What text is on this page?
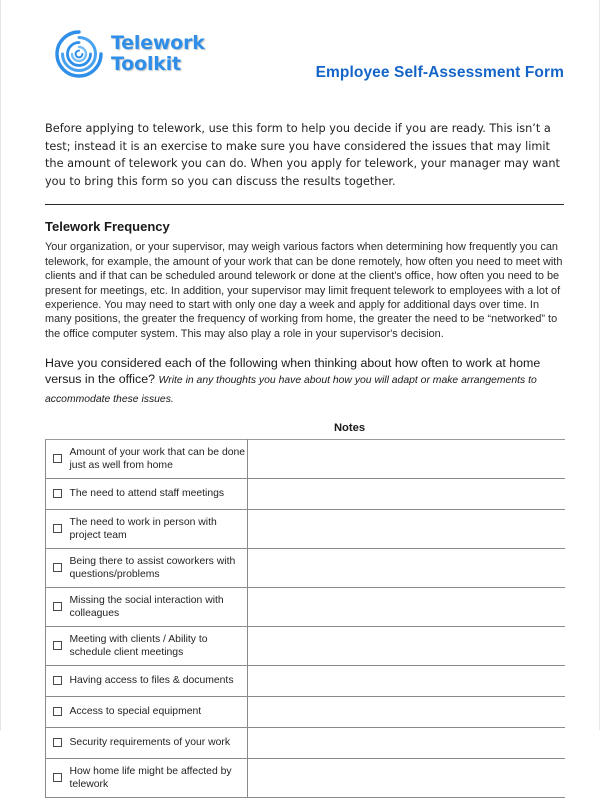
Telework
Toolkit	Employee Self-Assessment Form

Before applying to telework, use this form to help you decide if you are ready. This isn’t a test; instead it is an exercise to make sure you have considered the issues that may limit the amount of telework you can do. When you apply for telework, your manager may want you to bring this form so you can discuss the results together.

Telework Frequency

Your organization, or your supervisor, may weigh various factors when determining how frequently you can telework, for example, the amount of your work that can be done remotely, how often you need to meet with clients and if that can be scheduled around telework or done at the client's office, how often you need to be present for meetings, etc. In addition, your supervisor may limit frequent telework to employees with a lot of experience. You may need to start with only one day a week and apply for additional days over time. In many positions, the greater the frequency of working from home, the greater the need to be “networked” to the office computer system. This may also play a role in your supervisor's decision.

Have you considered each of the following when thinking about how often to work at home versus in the office? Write in any thoughts you have about how you will adapt or make arrangements to accommodate these issues.

Notes
	Amount of your work that can be done just as well from home	
	The need to attend staff meetings	
	The need to work in person with project team	
	Being there to assist coworkers with questions/problems	
	Missing the social interaction with colleagues	
	Meeting with clients / Ability to schedule client meetings	
	Having access to files & documents	
	Access to special equipment	
	Security requirements of your work	
	How home life might be affected by telework	
